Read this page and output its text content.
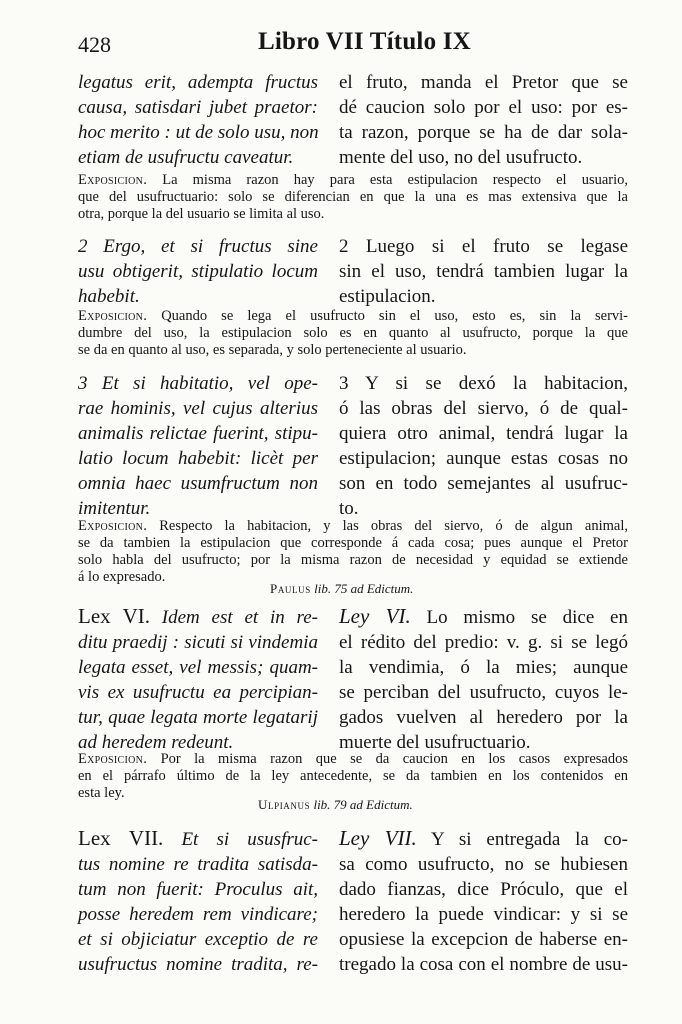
428	Libro VII Título IX
legatus erit, adempta fructus
causa, satisdari jubet praetor:
hoc merito : ut de solo usu, non
etiam de usufructu caveatur.
el fruto, manda el Pretor que se
dé caucion solo por el uso: por es-
ta razon, porque se ha de dar sola-
mente del uso, no del usufructo.
Exposicion. La misma razon hay para esta estipulacion respecto el usuario,
que del usufructuario: solo se diferencian en que la una es mas extensiva que la
otra, porque la del usuario se limita al uso.
2 Ergo, et si fructus sine
usu obtigerit, stipulatio locum
habebit.
2 Luego si el fruto se legase
sin el uso, tendrá tambien lugar la
estipulacion.
Exposicion. Quando se lega el usufructo sin el uso, esto es, sin la servi-
dumbre del uso, la estipulacion solo es en quanto al usufructo, porque la que
se da en quanto al uso, es separada, y solo perteneciente al usuario.
3 Et si habitatio, vel ope-
rae hominis, vel cujus alterius
animalis relictae fuerint, stipu-
latio locum habebit: licèt per
omnia haec usumfructum non
imitentur.
3 Y si se dexó la habitacion,
ó las obras del siervo, ó de qual-
quiera otro animal, tendrá lugar la
estipulacion; aunque estas cosas no
son en todo semejantes al usufruc-
to.
Exposicion. Respecto la habitacion, y las obras del siervo, ó de algun animal,
se da tambien la estipulacion que corresponde á cada cosa; pues aunque el Pretor
solo habla del usufructo; por la misma razon de necesidad y equidad se extiende
á lo expresado.
Paulus lib. 75 ad Edictum.
Lex VI. Idem est et in re-
ditu praedij : sicuti si vindemia
legata esset, vel messis; quam-
vis ex usufructu ea percipian-
tur, quae legata morte legatarij
ad heredem redeunt.
Ley VI. Lo mismo se dice en
el rédito del predio: v. g. si se legó
la vendimia, ó la mies; aunque
se perciban del usufructo, cuyos le-
gados vuelven al heredero por la
muerte del usufructuario.
Exposicion. Por la misma razon que se da caucion en los casos expresados
en el párrafo último de la ley antecedente, se da tambien en los contenidos en
esta ley.
Ulpianus lib. 79 ad Edictum.
Lex VII. Et si ususfruc-
tus nomine re tradita satisda-
tum non fuerit: Proculus ait,
posse heredem rem vindicare;
et si objiciatur exceptio de re
usufructus nomine tradita, re-
Ley VII. Y si entregada la co-
sa como usufructo, no se hubiesen
dado fianzas, dice Próculo, que el
heredero la puede vindicar: y si se
opusiese la excepcion de haberse en-
tregado la cosa con el nombre de usu-
